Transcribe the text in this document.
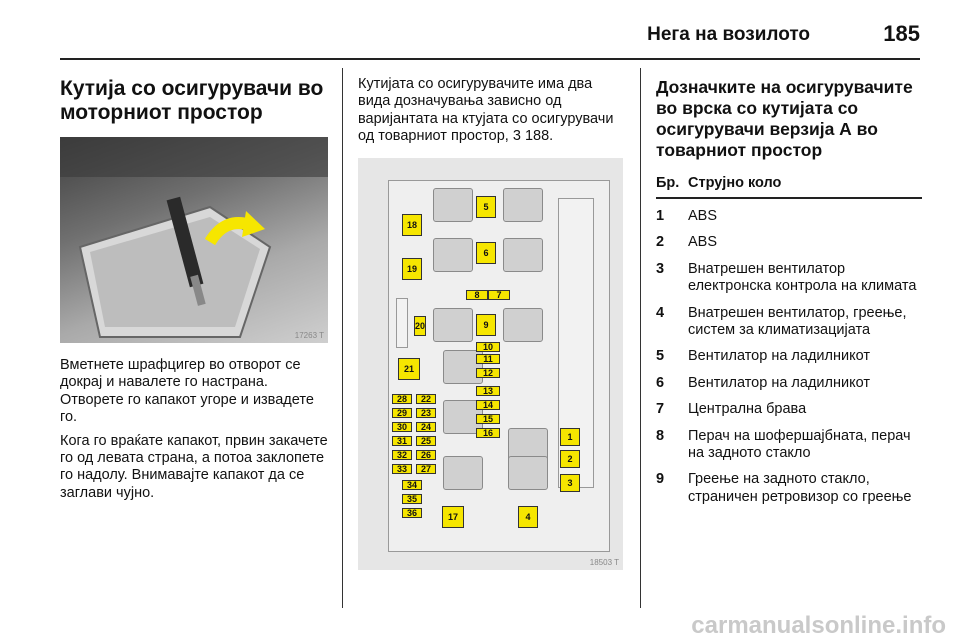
Нега на возилото	185
Кутија со осигурувачи во моторниот простор
17263 T

Вметнете шрафцигер во отворот се докрај и навалете го настрана. Отворете го капакот угоре и извадете го.

Кога го враќате капакот, првин закачете го од левата страна, а потоа заклопете го надолу. Внимавајте капакот да се заглави чујно.

Кутијата со осигурувачите има два вида дозначувања зависно од варијантата на ктујата со осигурувачи од товарниот простор, 3 188.

18503 T
1
2
3
4
5
6
7
8
9
10
11
12
13
14
15
16
17
18
19
20
21
22
23
24
25
26
27
28
29
30
31
32
33
34
35
36
Дозначките на осигурувачите во врска со кутијата со осигурувачи верзија А во товарниот простор
Бр. Струјно коло
1	ABS
2	ABS
3	Внатрешен вентилатор електронска контрола на климата
4	Внатрешен вентилатор, греење, систем за климатизацијата
5	Вентилатор на ладилникот
6	Вентилатор на ладилникот
7	Централна брава
8	Перач на шофершајбната, перач на задното стакло
9	Греење на задното стакло, страничен ретровизор со греење
carmanualsonline.info
